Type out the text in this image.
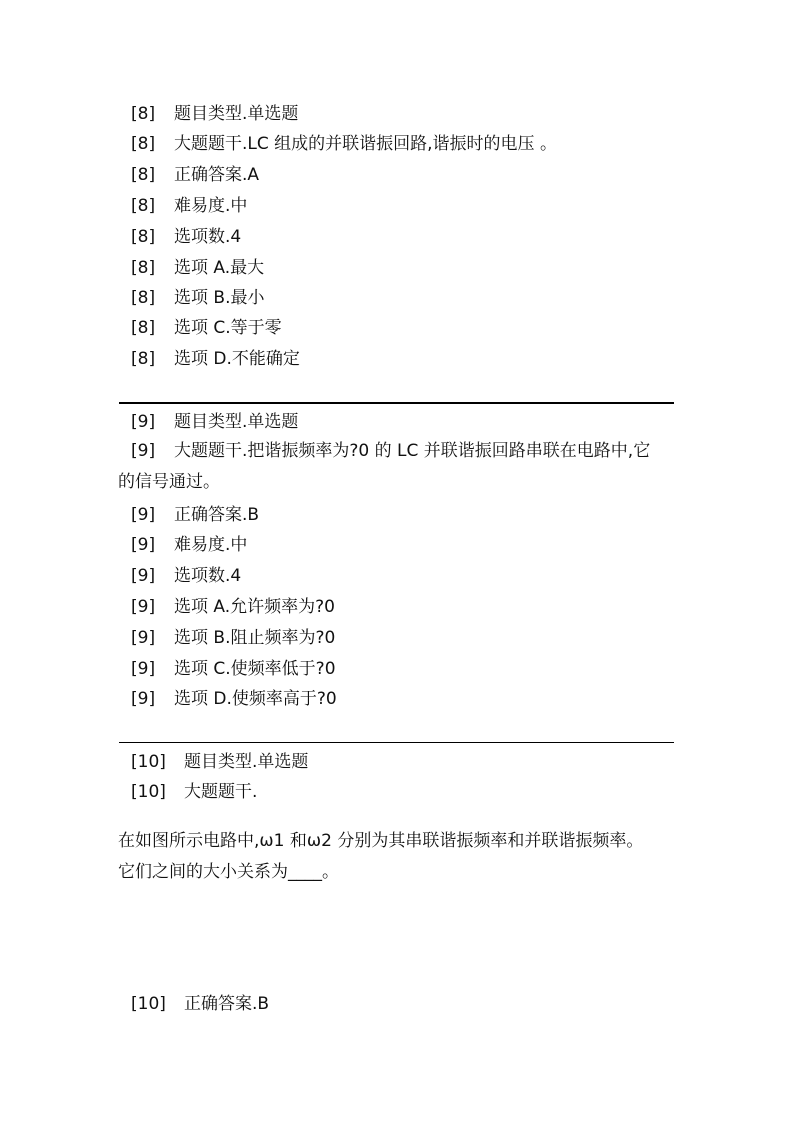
[8] 题目类型.单选题
[8] 大题题干.LC 组成的并联谐振回路,谐振时的电压 。
[8] 正确答案.A
[8] 难易度.中
[8] 选项数.4
[8] 选项 A.最大
[8] 选项 B.最小
[8] 选项 C.等于零
[8] 选项 D.不能确定
[9] 题目类型.单选题
[9] 大题题干.把谐振频率为?0 的 LC 并联谐振回路串联在电路中,它
的信号通过。
[9] 正确答案.B
[9] 难易度.中
[9] 选项数.4
[9] 选项 A.允许频率为?0
[9] 选项 B.阻止频率为?0
[9] 选项 C.使频率低于?0
[9] 选项 D.使频率高于?0
[10] 题目类型.单选题
[10] 大题题干.
在如图所示电路中,ω1 和ω2 分别为其串联谐振频率和并联谐振频率。
它们之间的大小关系为____。
[10] 正确答案.B
